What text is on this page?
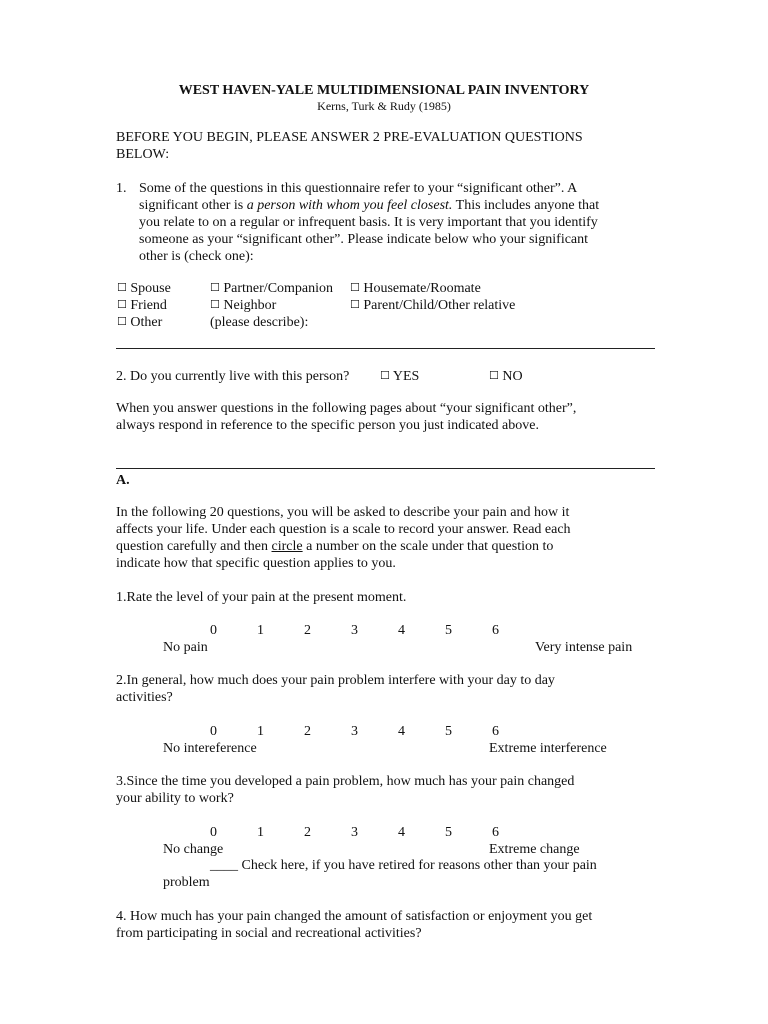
WEST HAVEN-YALE MULTIDIMENSIONAL PAIN INVENTORY
Kerns, Turk & Rudy (1985)
BEFORE YOU BEGIN, PLEASE ANSWER 2 PRE-EVALUATION QUESTIONS
BELOW:
1. Some of the questions in this questionnaire refer to your “significant other”. A
significant other is a person with whom you feel closest. This includes anyone that
you relate to on a regular or infrequent basis. It is very important that you identify
someone as your “significant other”. Please indicate below who your significant
other is (check one):
☐ Spouse	☐ Partner/Companion ☐ Housemate/Roomate
☐ Friend	☐ Neighbor	☐ Parent/Child/Other relative
☐ Other	(please describe):
2. Do you currently live with this person?	☐ YES	☐ NO
When you answer questions in the following pages about “your significant other”,
always respond in reference to the specific person you just indicated above.
A.
In the following 20 questions, you will be asked to describe your pain and how it
affects your life. Under each question is a scale to record your answer. Read each
question carefully and then circle a number on the scale under that question to
indicate how that specific question applies to you.
1.Rate the level of your pain at the present moment.
0	1	2	3	4	5	6
No pain	Very intense pain
2.In general, how much does your pain problem interfere with your day to day
activities?
0	1	2	3	4	5	6
No intereference	Extreme interference
3.Since the time you developed a pain problem, how much has your pain changed
your ability to work?
0	1	2	3	4	5	6
No change	Extreme change
____ Check here, if you have retired for reasons other than your pain
problem
4. How much has your pain changed the amount of satisfaction or enjoyment you get
from participating in social and recreational activities?
